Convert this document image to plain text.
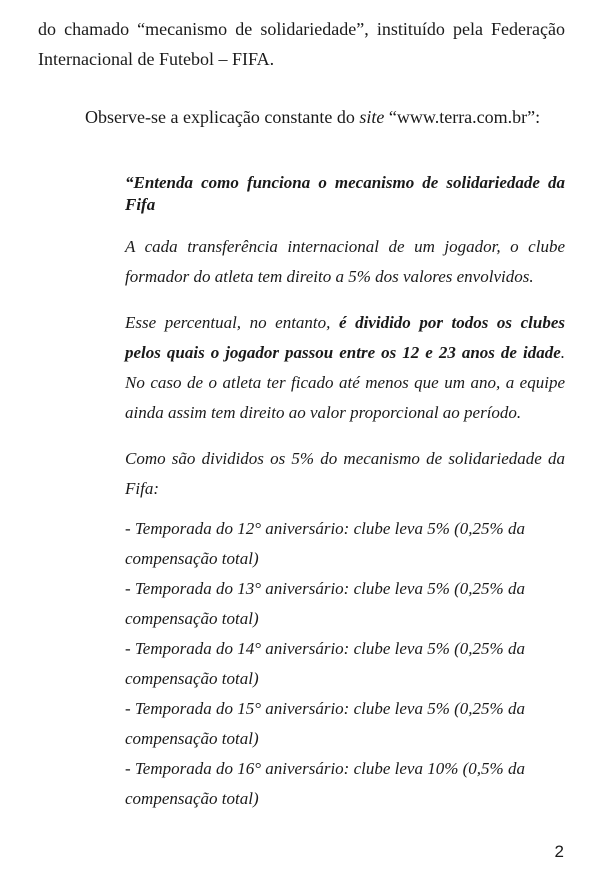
do chamado “mecanismo de solidariedade”, instituído pela Federação Internacional de Futebol – FIFA.

Observe-se a explicação constante do site “www.terra.com.br”:

“Entenda como funciona o mecanismo de solidariedade da Fifa

A cada transferência internacional de um jogador, o clube formador do atleta tem direito a 5% dos valores envolvidos.

Esse percentual, no entanto, é dividido por todos os clubes pelos quais o jogador passou entre os 12 e 23 anos de idade. No caso de o atleta ter ficado até menos que um ano, a equipe ainda assim tem direito ao valor proporcional ao período.

Como são divididos os 5% do mecanismo de solidariedade da Fifa:

- Temporada do 12° aniversário: clube leva 5% (0,25% da compensação total)

- Temporada do 13° aniversário: clube leva 5% (0,25% da compensação total)

- Temporada do 14° aniversário: clube leva 5% (0,25% da compensação total)

- Temporada do 15° aniversário: clube leva 5% (0,25% da compensação total)

- Temporada do 16° aniversário: clube leva 10% (0,5% da compensação total)

2
